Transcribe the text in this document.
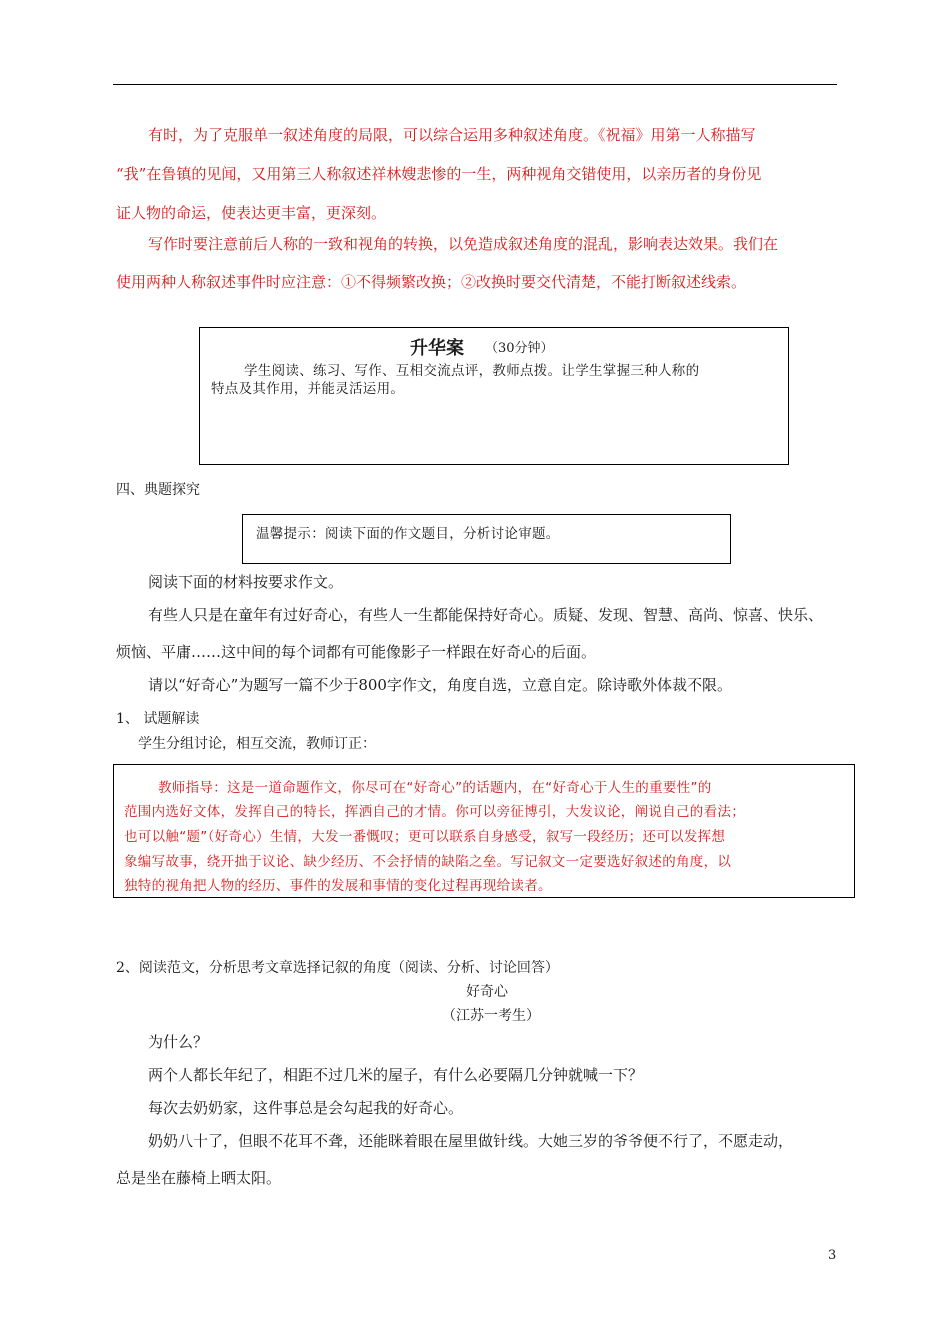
有时，为了克服单一叙述角度的局限，可以综合运用多种叙述角度。《祝福》用第一人称描写
“我”在鲁镇的见闻，又用第三人称叙述祥林嫂悲惨的一生，两种视角交错使用，以亲历者的身份见
证人物的命运，使表达更丰富，更深刻。
写作时要注意前后人称的一致和视角的转换，以免造成叙述角度的混乱，影响表达效果。我们在
使用两种人称叙述事件时应注意：①不得频繁改换；②改换时要交代清楚，不能打断叙述线索。
升华案 （30分钟）
学生阅读、练习、写作、互相交流点评，教师点拨。让学生掌握三种人称的
特点及其作用，并能灵活运用。
四、典题探究
温馨提示：阅读下面的作文题目，分析讨论审题。
阅读下面的材料按要求作文。
有些人只是在童年有过好奇心，有些人一生都能保持好奇心。质疑、发现、智慧、高尚、惊喜、快乐、
烦恼、平庸……这中间的每个词都有可能像影子一样跟在好奇心的后面。
请以“好奇心”为题写一篇不少于800字作文，角度自选，立意自定。除诗歌外体裁不限。
1、 试题解读
学生分组讨论，相互交流，教师订正：
教师指导：这是一道命题作文，你尽可在“好奇心”的话题内，在“好奇心于人生的重要性”的
范围内选好文体，发挥自己的特长，挥洒自己的才情。你可以旁征博引，大发议论，阐说自己的看法；
也可以触“题”（好奇心）生情，大发一番慨叹；更可以联系自身感受，叙写一段经历；还可以发挥想
象编写故事，绕开拙于议论、缺少经历、不会抒情的缺陷之垒。写记叙文一定要选好叙述的角度，以
独特的视角把人物的经历、事件的发展和事情的变化过程再现给读者。
2、阅读范文，分析思考文章选择记叙的角度（阅读、分析、讨论回答）
好奇心
（江苏一考生）
为什么？
两个人都长年纪了，相距不过几米的屋子，有什么必要隔几分钟就喊一下？
每次去奶奶家，这件事总是会勾起我的好奇心。
奶奶八十了，但眼不花耳不聋，还能眯着眼在屋里做针线。大她三岁的爷爷便不行了，不愿走动，
总是坐在藤椅上晒太阳。
3
